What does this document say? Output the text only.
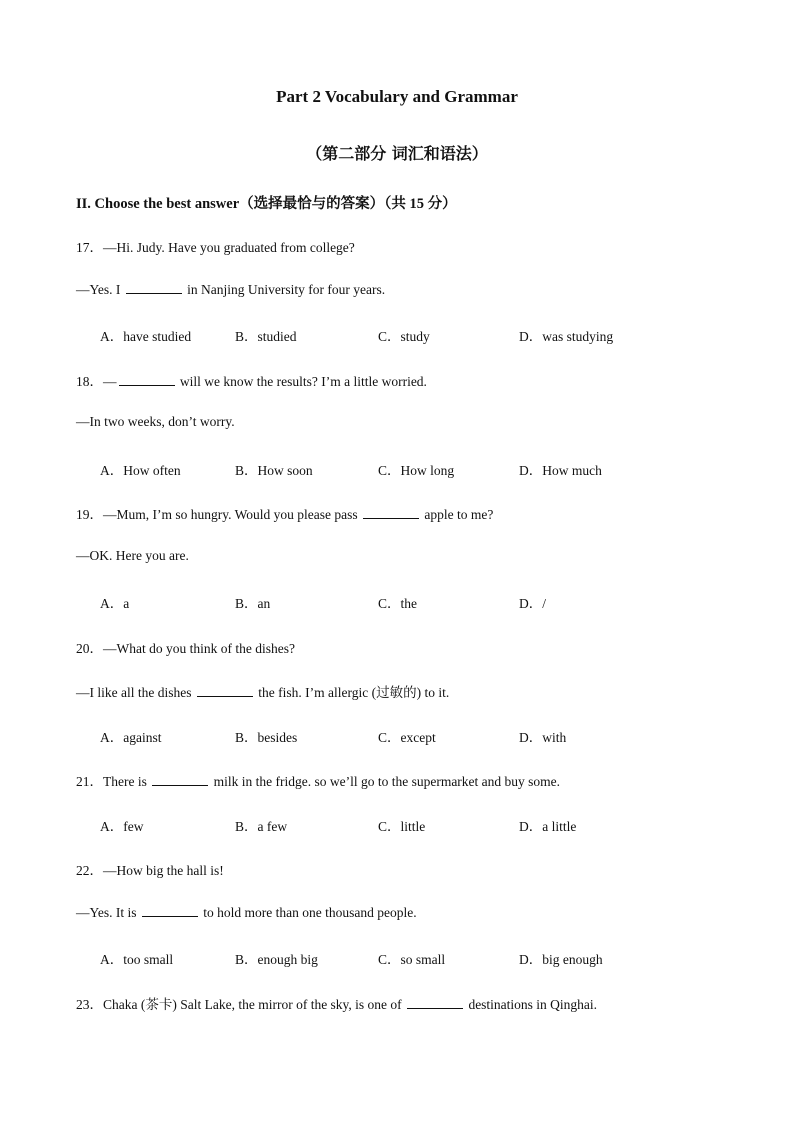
Part 2 Vocabulary and Grammar
（第二部分 词汇和语法）
II. Choose the best answer（选择最恰与的答案）（共 15 分）
17．—Hi. Judy. Have you graduated from college?
—Yes. I	in Nanjing University for four years.
A．have studied	B．studied	C．study	D．was studying
18．—	will we know the results? I’m a little worried.
—In two weeks, don’t worry.
A．How often	B．How soon	C．How long	D．How much
19．—Mum, I’m so hungry. Would you please pass	apple to me?
—OK. Here you are.
A．a	B．an	C．the	D．/
20．—What do you think of the dishes?
—I like all the dishes	the fish. I’m allergic (过敏的) to it.
A．against	B．besides	C．except	D．with
21．There is	milk in the fridge. so we’ll go to the supermarket and buy some.
A．few	B．a few	C．little	D．a little
22．—How big the hall is!
—Yes. It is	to hold more than one thousand people.
A．too small	B．enough big	C．so small	D．big enough
23．Chaka (茶卡) Salt Lake, the mirror of the sky, is one of	destinations in Qinghai.
